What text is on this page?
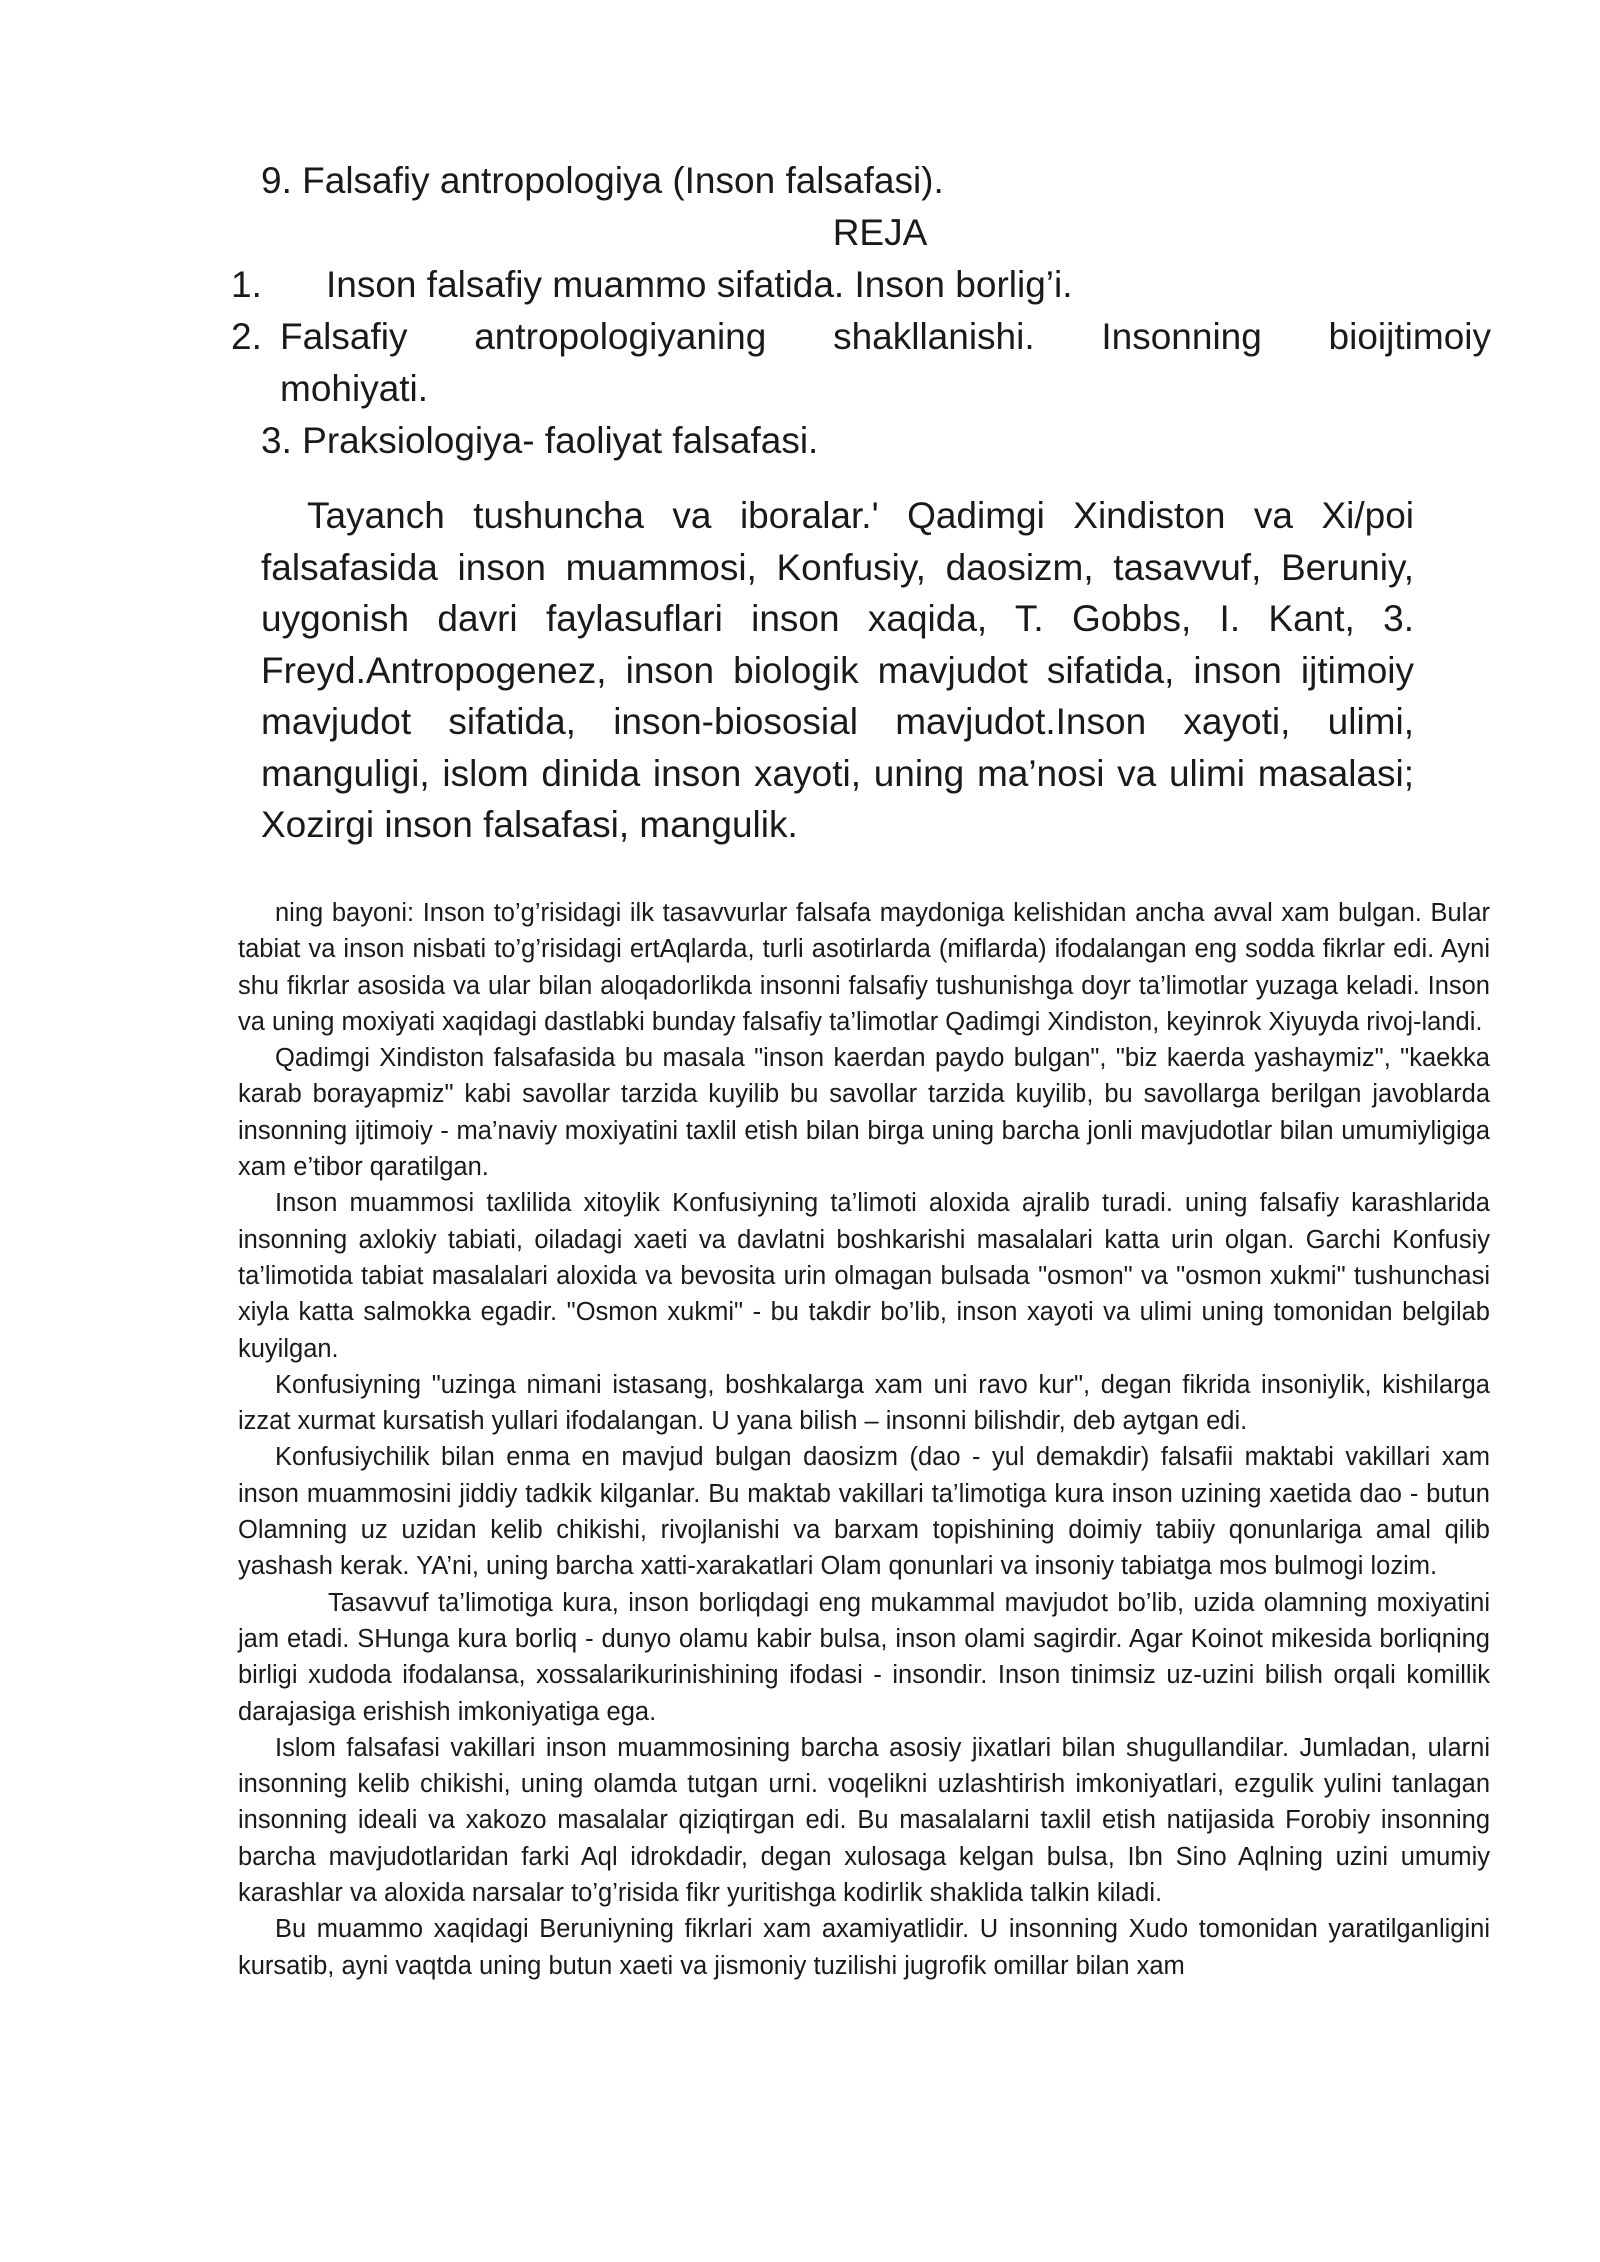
9. Falsafiy antropologiya (Inson falsafasi).
REJA
1. Inson falsafiy muammo sifatida. Inson borlig’i.
2. Falsafiy antropologiyaning shakllanishi. Insonning bioijtimoiy
mohiyati.
3. Praksiologiya- faoliyat falsafasi.
Tayanch tushuncha va iboralar.' Qadimgi Xindiston va Xi/poi falsafasida inson muammosi, Konfusiy, daosizm, tasavvuf, Beruniy, uygonish davri faylasuflari inson xaqida, T. Gobbs, I. Kant, 3. Freyd.Antropogenez, inson biologik mavjudot sifatida, inson ijtimoiy mavjudot sifatida, inson-biososial mavjudot.Inson xayoti, ulimi, manguligi, islom dinida inson xayoti, uning ma’nosi va ulimi masalasi; Xozirgi inson falsafasi, mangulik.

ning bayoni: Inson to’g’risidagi ilk tasavvurlar falsafa maydoniga kelishidan ancha avval xam bulgan. Bular tabiat va inson nisbati to’g’risidagi ertAqlarda, turli asotirlarda (miflarda) ifodalangan eng sodda fikrlar edi. Ayni shu fikrlar asosida va ular bilan aloqadorlikda insonni falsafiy tushunishga doyr ta’limotlar yuzaga keladi. Inson va uning moxiyati xaqidagi dastlabki bunday falsafiy ta’limotlar Qadimgi Xindiston, keyinrok Xiyuyda rivoj-landi.

Qadimgi Xindiston falsafasida bu masala "inson kaerdan paydo bulgan", "biz kaerda yashaymiz", "kaekka karab borayapmiz" kabi savollar tarzida kuyilib bu savollar tarzida kuyilib, bu savollarga berilgan javoblarda insonning ijtimoiy - ma’naviy moxiyatini taxlil etish bilan birga uning barcha jonli mavjudotlar bilan umumiyligiga xam e’tibor qaratilgan.

Inson muammosi taxlilida xitoylik Konfusiyning ta’limoti aloxida ajralib turadi. uning falsafiy karashlarida insonning axlokiy tabiati, oiladagi xaeti va davlatni boshkarishi masalalari katta urin olgan. Garchi Konfusiy ta’limotida tabiat masalalari aloxida va bevosita urin olmagan bulsada "osmon" va "osmon xukmi" tushunchasi xiyla katta salmokka egadir. "Osmon xukmi" - bu takdir bo’lib, inson xayoti va ulimi uning tomonidan belgilab kuyilgan.

Konfusiyning "uzinga nimani istasang, boshkalarga xam uni ravo kur", degan fikrida insoniylik, kishilarga izzat xurmat kursatish yullari ifodalangan. U yana bilish – insonni bilishdir, deb aytgan edi.

Konfusiychilik bilan enma en mavjud bulgan daosizm (dao - yul demakdir) falsafii maktabi vakillari xam inson muammosini jiddiy tadkik kilganlar. Bu maktab vakillari ta’limotiga kura inson uzining xaetida dao - butun Olamning uz uzidan kelib chikishi, rivojlanishi va barxam topishining doimiy tabiiy qonunlariga amal qilib yashash kerak. YA’ni, uning barcha xatti-xarakatlari Olam qonunlari va insoniy tabiatga mos bulmogi lozim.

Tasavvuf ta’limotiga kura, inson borliqdagi eng mukammal mavjudot bo’lib, uzida olamning moxiyatini jam etadi. SHunga kura borliq - dunyo olamu kabir bulsa, inson olami sagirdir. Agar Koinot mikesida borliqning birligi xudoda ifodalansa, xossalarikurinishining ifodasi - insondir. Inson tinimsiz uz-uzini bilish orqali komillik darajasiga erishish imkoniyatiga ega.

Islom falsafasi vakillari inson muammosining barcha asosiy jixatlari bilan shugullandilar. Jumladan, ularni insonning kelib chikishi, uning olamda tutgan urni. voqelikni uzlashtirish imkoniyatlari, ezgulik yulini tanlagan insonning ideali va xakozo masalalar qiziqtirgan edi. Bu masalalarni taxlil etish natijasida Forobiy insonning barcha mavjudotlaridan farki Aql idrokdadir, degan xulosaga kelgan bulsa, Ibn Sino Aqlning uzini umumiy karashlar va aloxida narsalar to’g’risida fikr yuritishga kodirlik shaklida talkin kiladi.

Bu muammo xaqidagi Beruniyning fikrlari xam axamiyatlidir. U insonning Xudo tomonidan yaratilganligini kursatib, ayni vaqtda uning butun xaeti va jismoniy tuzilishi jugrofik omillar bilan xam
